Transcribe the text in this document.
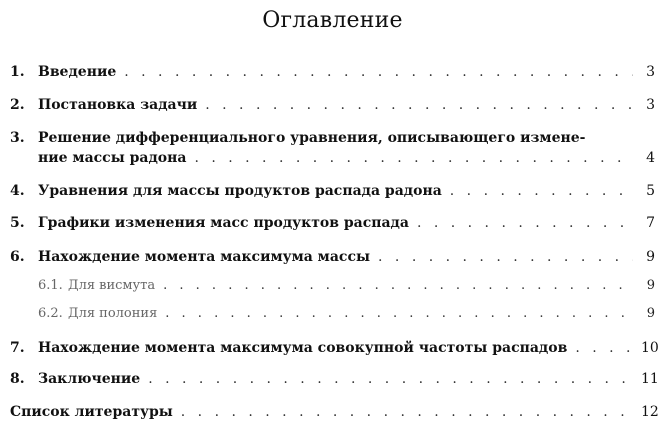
Оглавление
1. Введение . . .	3
2. Постановка задачи . . .	3
3. Решение дифференциального уравнения, описывающего измене-
ние массы радона . . .	4
4. Уравнения для массы продуктов распада радона . . .	5
5. Графики изменения масс продуктов распада . . .	7
6. Нахождение момента максимума массы . . .	9
6.1. Для висмута . . .	9
6.2. Для полония . . .	9
7. Нахождение момента максимума совокупной частоты распадов . . .	10
8. Заключение . . .	11
Список литературы . . .	12
